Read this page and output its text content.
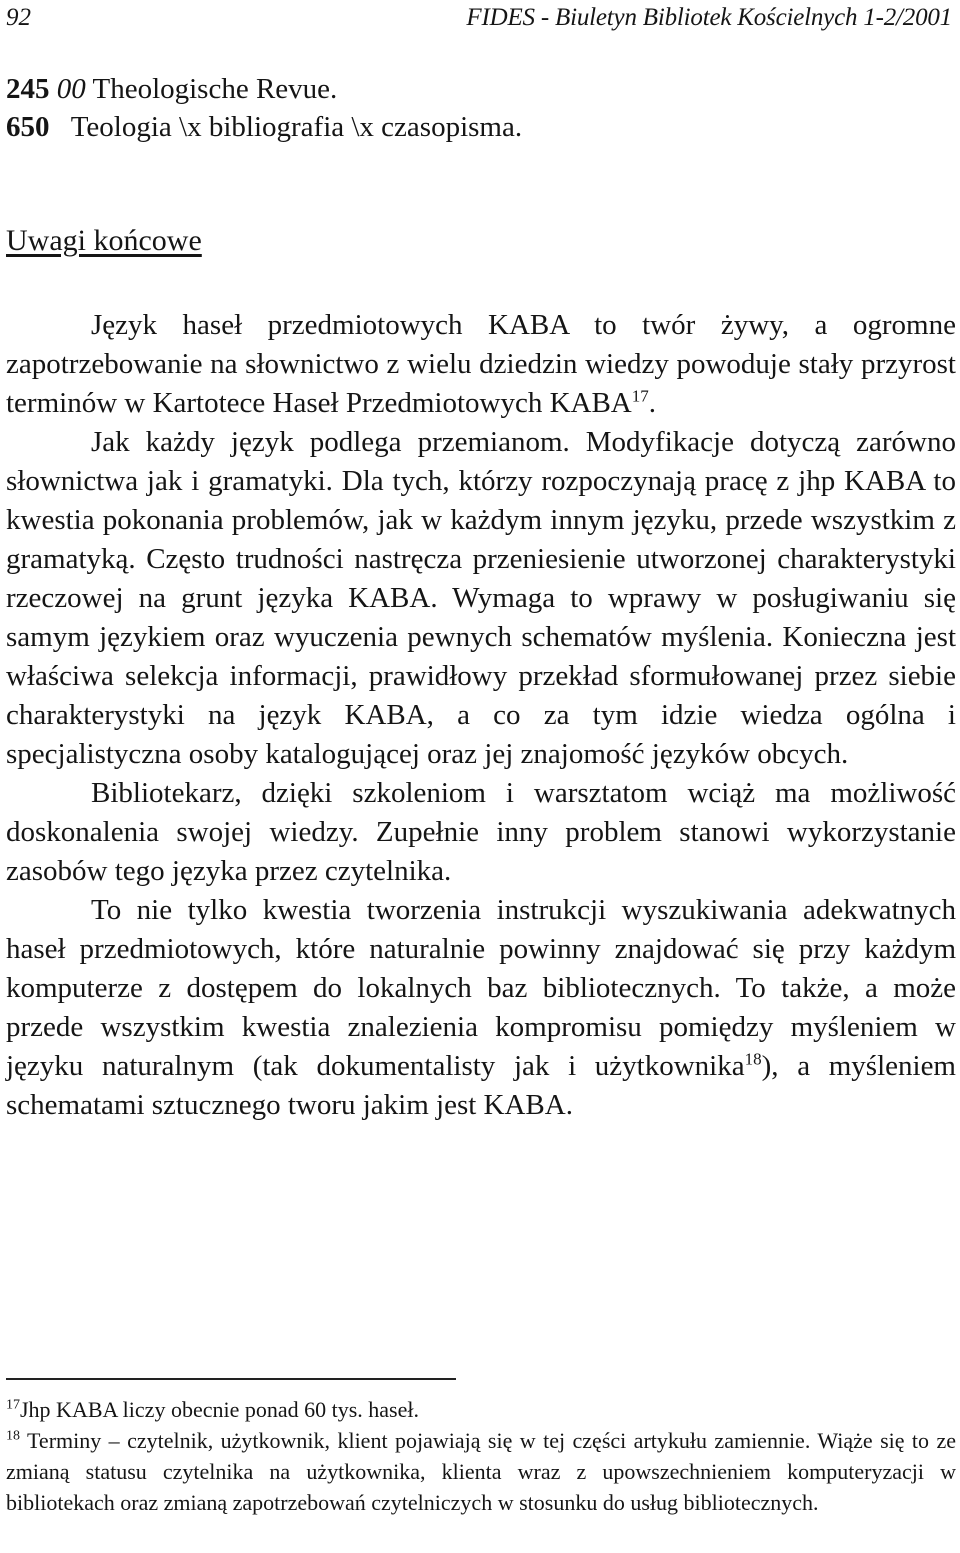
92	FIDES - Biuletyn Bibliotek Kościelnych 1-2/2001
245 00 Theologische Revue.
650 Teologia \x bibliografia \x czasopisma.
Uwagi końcowe

Język haseł przedmiotowych KABA to twór żywy, a ogromne zapotrzebowanie na słownictwo z wielu dziedzin wiedzy powoduje stały przyrost terminów w Kartotece Haseł Przedmiotowych KABA$^{17}$.

Jak każdy język podlega przemianom. Modyfikacje dotyczą zarówno słownictwa jak i gramatyki. Dla tych, którzy rozpoczynają pracę z jhp KABA to kwestia pokonania problemów, jak w każdym innym języku, przede wszystkim z gramatyką. Często trudności nastręcza przeniesienie utworzonej charakterystyki rzeczowej na grunt języka KABA. Wymaga to wprawy w posługiwaniu się samym językiem oraz wyuczenia pewnych schematów myślenia. Konieczna jest właściwa selekcja informacji, prawidłowy przekład sformułowanej przez siebie charakterystyki na język KABA, a co za tym idzie wiedza ogólna i specjalistyczna osoby katalogującej oraz jej znajomość języków obcych.

Bibliotekarz, dzięki szkoleniom i warsztatom wciąż ma możliwość doskonalenia swojej wiedzy. Zupełnie inny problem stanowi wykorzystanie zasobów tego języka przez czytelnika.

To nie tylko kwestia tworzenia instrukcji wyszukiwania adekwatnych haseł przedmiotowych, które naturalnie powinny znajdować się przy każdym komputerze z dostępem do lokalnych baz bibliotecznych. To także, a może przede wszystkim kwestia znalezienia kompromisu pomiędzy myśleniem w języku naturalnym (tak dokumentalisty jak i użytkownika$^{18}$), a myśleniem schematami sztucznego tworu jakim jest KABA.

$^{17}$Jhp KABA liczy obecnie ponad 60 tys. haseł.

$^{18}$ Terminy – czytelnik, użytkownik, klient pojawiają się w tej części artykułu zamiennie. Wiąże się to ze zmianą statusu czytelnika na użytkownika, klienta wraz z upowszechnieniem komputeryzacji w bibliotekach oraz zmianą zapotrzebowań czytelniczych w stosunku do usług bibliotecznych.
